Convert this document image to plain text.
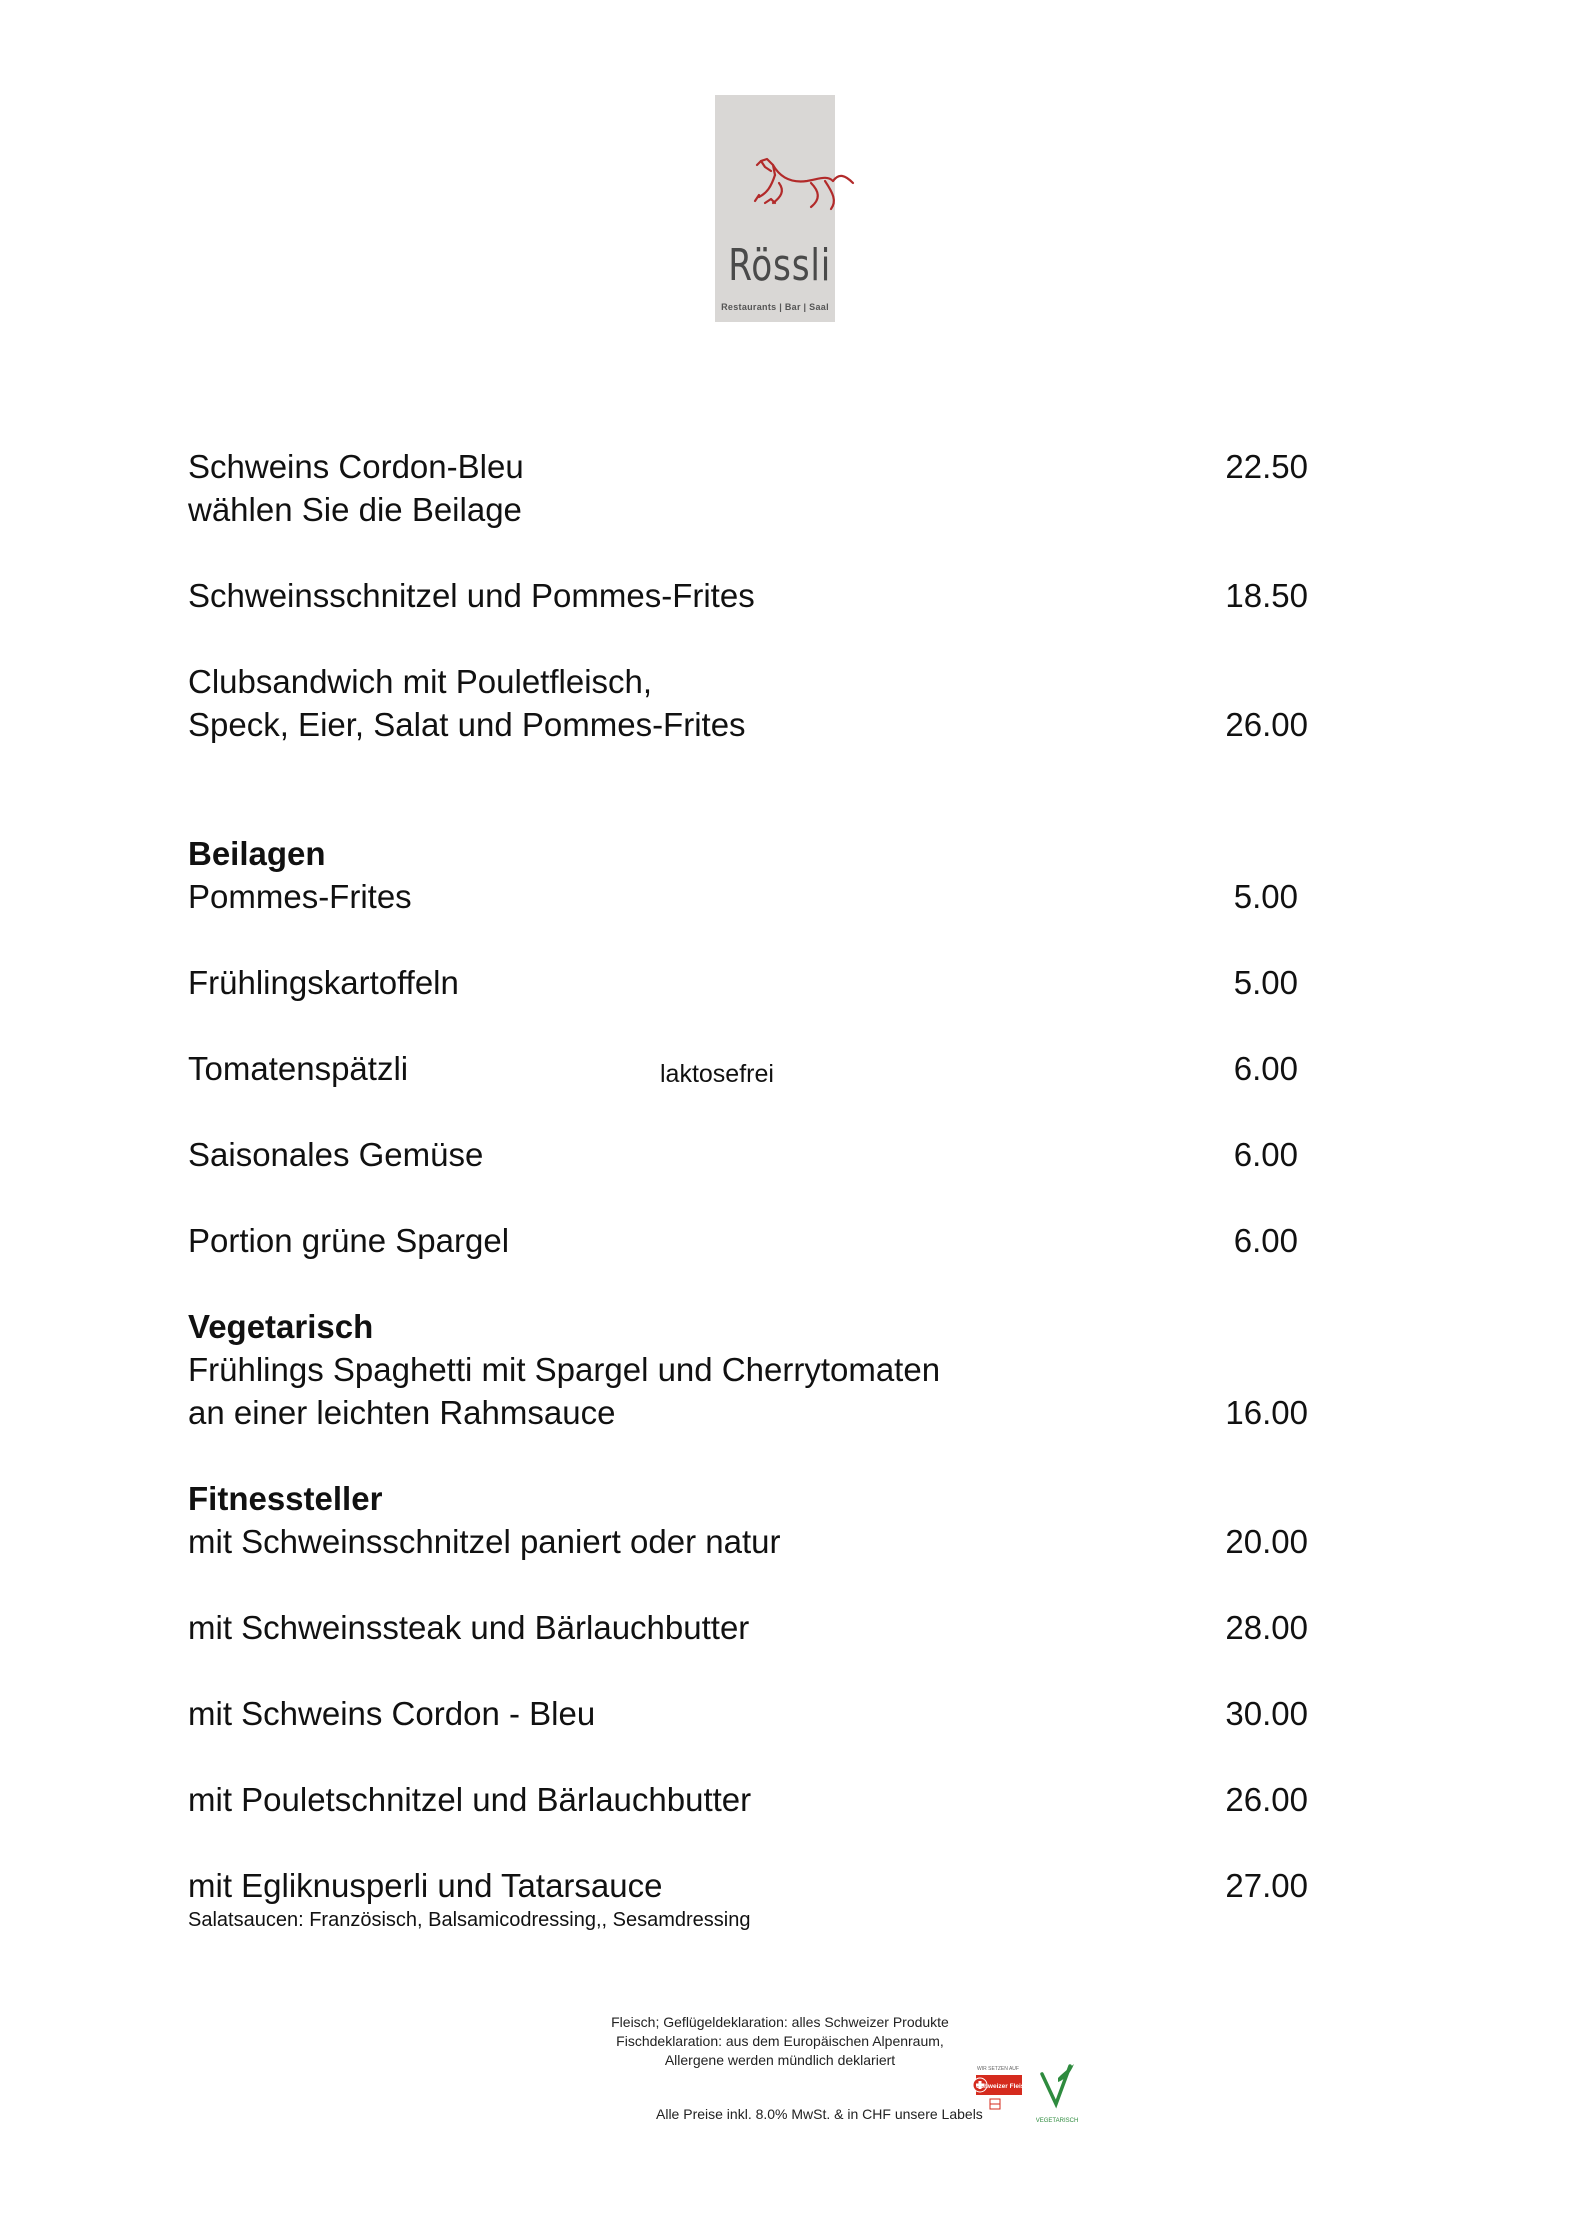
Rössli
Restaurants | Bar | Saal
Schweins Cordon-Bleu
wählen Sie die Beilage
22.50
Schweinsschnitzel und Pommes-Frites	18.50
Clubsandwich mit Pouletfleisch,
Speck, Eier, Salat und Pommes-Frites	26.00
Beilagen
Pommes-Frites	5.00
Frühlingskartoffeln	5.00
Tomatenspätzli	laktosefrei	6.00
Saisonales Gemüse	6.00
Portion grüne Spargel	6.00
Vegetarisch
Frühlings Spaghetti mit Spargel und Cherrytomaten
an einer leichten Rahmsauce	16.00
Fitnessteller
mit Schweinsschnitzel paniert oder natur	20.00
mit Schweinssteak und Bärlauchbutter	28.00
mit Schweins Cordon - Bleu	30.00
mit Pouletschnitzel und Bärlauchbutter	26.00
mit Egliknusperli und Tatarsauce	27.00
Salatsaucen: Französisch, Balsamicodressing,, Sesamdressing
Fleisch; Geflügeldeklaration: alles Schweizer Produkte
Fischdeklaration: aus dem Europäischen Alpenraum,
Allergene werden mündlich deklariert
Alle Preise inkl. 8.0% MwSt. & in CHF unsere Labels
WIR SETZEN AUF
Schweizer Fleisch
VEGETARISCH
